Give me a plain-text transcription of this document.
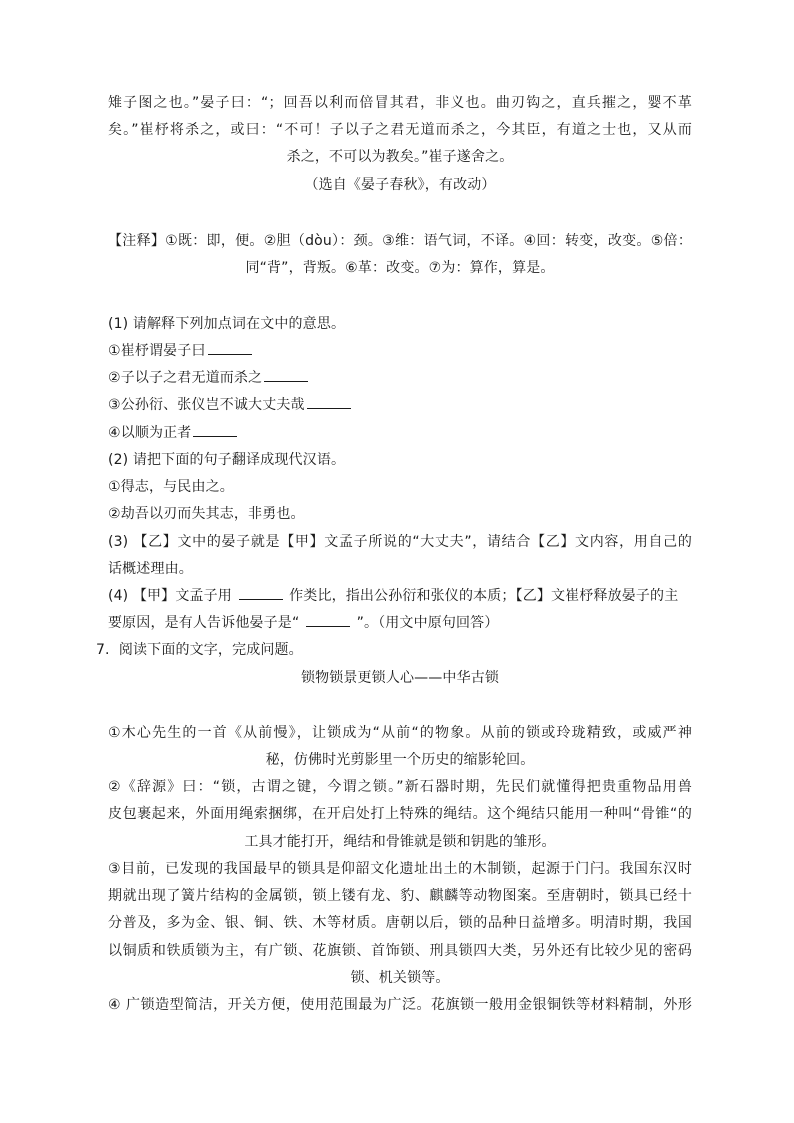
雉子图之也。”晏子曰：“；回吾以利而倍冒其君，非义也。曲刃钩之，直兵摧之，婴不革
矣。”崔杼将杀之，或曰：“不可！子以子之君无道而杀之，今其臣，有道之士也，又从而
杀之，不可以为教矣。”崔子遂舍之。
（选自《晏子春秋》，有改动）
【注释】①既：即，便。②胆（dòu）：颈。③维：语气词，不译。④回：转变，改变。⑤倍：
同“背”，背叛。⑥革：改变。⑦为：算作，算是。
(1) 请解释下列加点词在文中的意思。
①崔杼谓晏子曰
②子以子之君无道而杀之
③公孙衍、张仪岂不诚大丈夫哉
④以顺为正者
(2) 请把下面的句子翻译成现代汉语。
①得志，与民由之。
②劫吾以刃而失其志，非勇也。
(3) 【乙】文中的晏子就是【甲】文孟子所说的“大丈夫”，请结合【乙】文内容，用自己的
话概述理由。
(4) 【甲】文孟子用	作类比，指出公孙衍和张仪的本质；【乙】文崔杼释放晏子的主
要原因，是有人告诉他晏子是“	”。（用文中原句回答）
7. 阅读下面的文字，完成问题。
锁物锁景更锁人心——中华古锁
①木心先生的一首《从前慢》，让锁成为“从前“的物象。从前的锁或玲珑精致，或威严神
秘，仿佛时光剪影里一个历史的缩影轮回。
②《辞源》曰：“锁，古谓之键，今谓之锁。”新石器时期，先民们就懂得把贵重物品用兽
皮包裹起来，外面用绳索捆绑，在开启处打上特殊的绳结。这个绳结只能用一种叫“骨锥“的
工具才能打开，绳结和骨锥就是锁和钥匙的雏形。
③目前，已发现的我国最早的锁具是仰韶文化遗址出土的木制锁，起源于门闩。我国东汉时
期就出现了簧片结构的金属锁，锁上镂有龙、豹、麒麟等动物图案。至唐朝时，锁具已经十
分普及，多为金、银、铜、铁、木等材质。唐朝以后，锁的品种日益增多。明清时期，我国
以铜质和铁质锁为主，有广锁、花旗锁、首饰锁、刑具锁四大类，另外还有比较少见的密码
锁、机关锁等。
④ 广锁造型简洁，开关方便，使用范围最为广泛。花旗锁一般用金银铜铁等材料精制，外形
